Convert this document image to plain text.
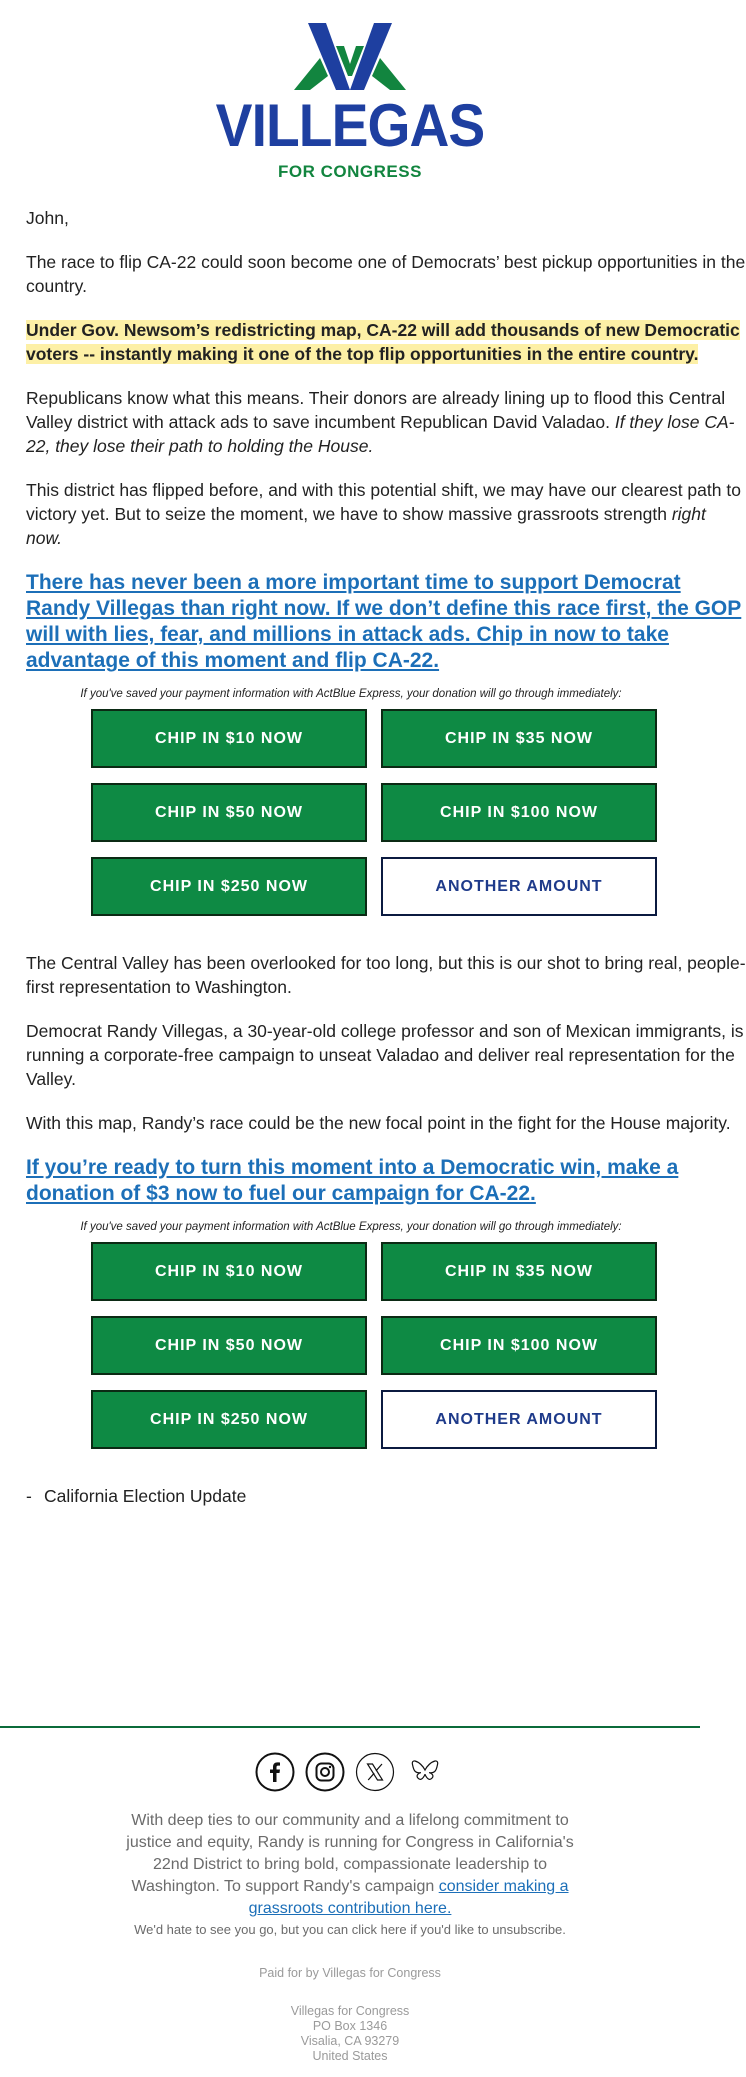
VILLEGAS
FOR CONGRESS

John,

The race to flip CA-22 could soon become one of Democrats’ best pickup opportunities in the country.

Under Gov. Newsom’s redistricting map, CA-22 will add thousands of new Democratic voters -- instantly making it one of the top flip opportunities in the entire country.

Republicans know what this means. Their donors are already lining up to flood this Central Valley district with attack ads to save incumbent Republican David Valadao. If they lose CA-22, they lose their path to holding the House.

This district has flipped before, and with this potential shift, we may have our clearest path to victory yet. But to seize the moment, we have to show massive grassroots strength right now.

There has never been a more important time to support Democrat Randy Villegas than right now. If we don’t define this race first, the GOP will with lies, fear, and millions in attack ads. Chip in now to take advantage of this moment and flip CA-22.
If you've saved your payment information with ActBlue Express, your donation will go through immediately:
CHIP IN $10 NOW	CHIP IN $35 NOW
CHIP IN $50 NOW	CHIP IN $100 NOW
CHIP IN $250 NOW	ANOTHER AMOUNT

The Central Valley has been overlooked for too long, but this is our shot to bring real, people-first representation to Washington.

Democrat Randy Villegas, a 30-year-old college professor and son of Mexican immigrants, is running a corporate-free campaign to unseat Valadao and deliver real representation for the Valley.

With this map, Randy’s race could be the new focal point in the fight for the House majority.

If you’re ready to turn this moment into a Democratic win, make a donation of $3 now to fuel our campaign for CA-22.
If you've saved your payment information with ActBlue Express, your donation will go through immediately:
CHIP IN $10 NOW	CHIP IN $35 NOW
CHIP IN $50 NOW	CHIP IN $100 NOW
CHIP IN $250 NOW	ANOTHER AMOUNT
- California Election Update
With deep ties to our community and a lifelong commitment to justice and equity, Randy is running for Congress in California's 22nd District to bring bold, compassionate leadership to Washington. To support Randy's campaign consider making a grassroots contribution here.
We'd hate to see you go, but you can click here if you'd like to unsubscribe.
Paid for by Villegas for Congress
Villegas for Congress
PO Box 1346
Visalia, CA 93279
United States
